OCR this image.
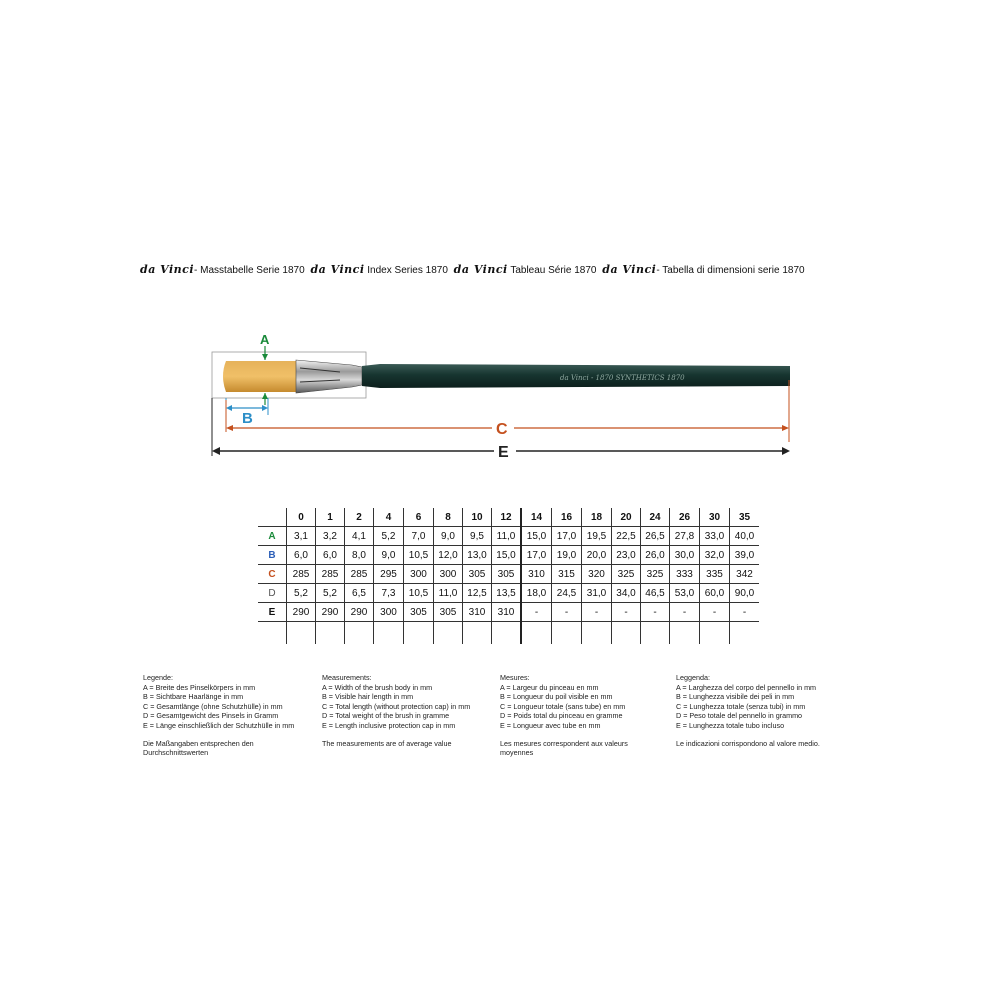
da Vinci- Masstabelle Serie 1870 da Vinci Index Series 1870 da Vinci Tableau Série 1870 da Vinci- Tabella di dimensioni serie 1870
da Vinci - 1870 SYNTHETICS 1870
A
B
C
E
	0	1	2	4	6	8	10	12	14	16	18	20	24	26	30	35
A	3,1	3,2	4,1	5,2	7,0	9,0	9,5	11,0	15,0	17,0	19,5	22,5	26,5	27,8	33,0	40,0
B	6,0	6,0	8,0	9,0	10,5	12,0	13,0	15,0	17,0	19,0	20,0	23,0	26,0	30,0	32,0	39,0
C	285	285	285	295	300	300	305	305	310	315	320	325	325	333	335	342
D	5,2	5,2	6,5	7,3	10,5	11,0	12,5	13,5	18,0	24,5	31,0	34,0	46,5	53,0	60,0	90,0
E	290	290	290	300	305	305	310	310	-	-	-	-	-	-	-	-

Legende:
A = Breite des Pinselkörpers in mm
B = Sichtbare Haarlänge in mm
C = Gesamtlänge (ohne Schutzhülle) in mm
D = Gesamtgewicht des Pinsels in Gramm
E = Länge einschließlich der Schutzhülle in mm
Die Maßangaben entsprechen den Durchschnittswerten
Measurements:
A = Width of the brush body in mm
B = Visible hair length in mm
C = Total length (without protection cap) in mm
D = Total weight of the brush in gramme
E = Length inclusive protection cap in mm
The measurements are of average value
Mesures:
A = Largeur du pinceau en mm
B = Longueur du poil visible en mm
C = Longueur totale (sans tube) en mm
D = Poids total du pinceau en gramme
E = Longueur avec tube en mm
Les mesures correspondent aux valeurs moyennes
Leggenda:
A = Larghezza del corpo del pennello in mm
B = Lunghezza visibile dei peli in mm
C = Lunghezza totale (senza tubi) in mm
D = Peso totale del pennello in grammo
E = Lunghezza totale tubo incluso
Le indicazioni corrispondono al valore medio.
